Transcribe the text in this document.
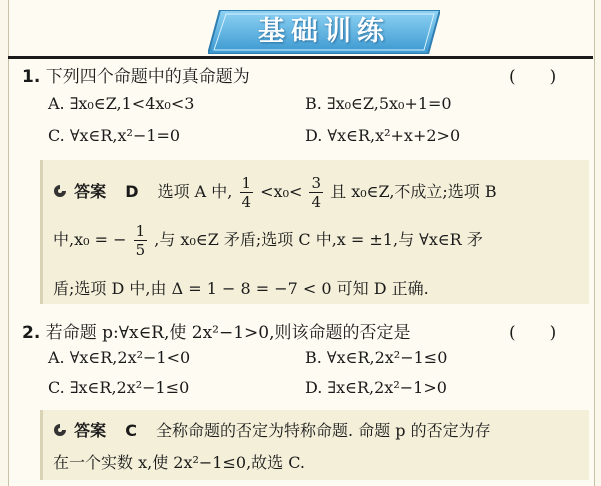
基础训练
1. 下列四个命题中的真命题为	(　　)
A. ∃x₀∈Z,1<4x₀<3	B. ∃x₀∈Z,5x₀+1=0
C. ∀x∈R,x²−1=0	D. ∀x∈R,x²+x+2>0
答案 D 选项 A 中, $\frac{1}{4} <x_0< \frac{3}{4}$ 且 x₀∈Z,不成立;选项 B
中,x₀ = − $\frac{1}{5}$ ,与 x₀∈Z 矛盾;选项 C 中,x = ±1,与 ∀x∈R 矛
盾;选项 D 中,由 Δ = 1 − 8 = −7 < 0 可知 D 正确.
2. 若命题 p:∀x∈R,使 2x²−1>0,则该命题的否定是	(　　)
A. ∀x∈R,2x²−1<0	B. ∀x∈R,2x²−1≤0
C. ∃x∈R,2x²−1≤0	D. ∃x∈R,2x²−1>0
答案 C 全称命题的否定为特称命题. 命题 p 的否定为存
在一个实数 x,使 2x²−1≤0,故选 C.
